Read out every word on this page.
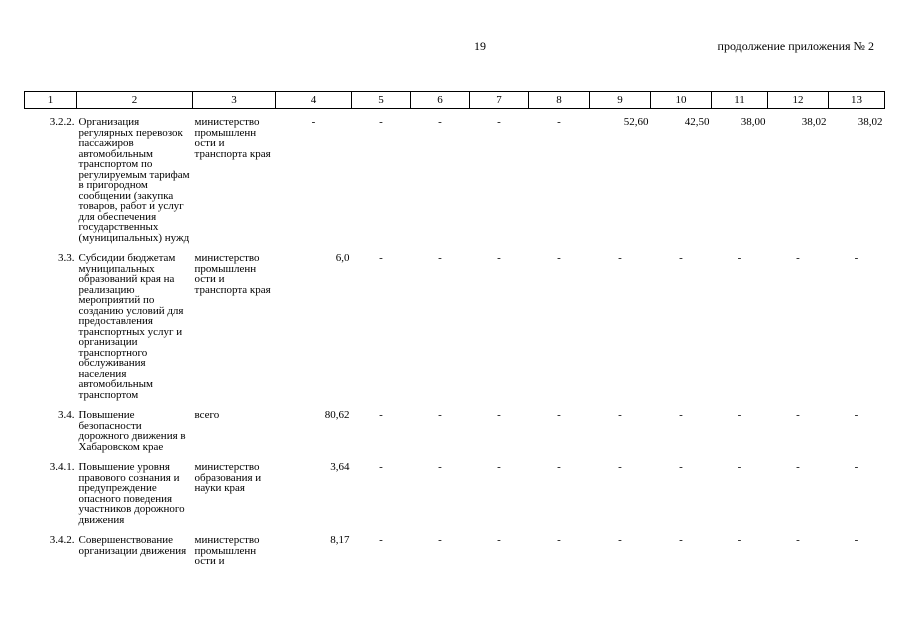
19	продолжение приложения № 2
1	2	3	4	5	6	7	8	9	10	11	12	13

3.2.2.	Организация регулярных перевозок пассажиров автомобильным транспортом по регулируемым тарифам в пригородном сообщении (закупка товаров, работ и услуг для обеспечения государственных (муниципальных) нужд	министерство промышленн ости и транспорта края	-	-	-	-	-	52,60	42,50	38,00	38,02	38,02

3.3.	Субсидии бюджетам муниципальных образований края на реализацию мероприятий по созданию условий для предоставления транспортных услуг и организации транспортного обслуживания населения автомобильным транспортом	министерство промышленн ости и транспорта края	6,0	-	-	-	-	-	-	-	-	-

3.4.	Повышение безопасности дорожного движения в Хабаровском крае	всего	80,62	-	-	-	-	-	-	-	-	-

3.4.1.	Повышение уровня правового сознания и предупреждение опасного поведения участников дорожного движения	министерство образования и науки края	3,64	-	-	-	-	-	-	-	-	-

3.4.2.	Совершенствование организации движения	министерство промышленн ости и	8,17	-	-	-	-	-	-	-	-	-
